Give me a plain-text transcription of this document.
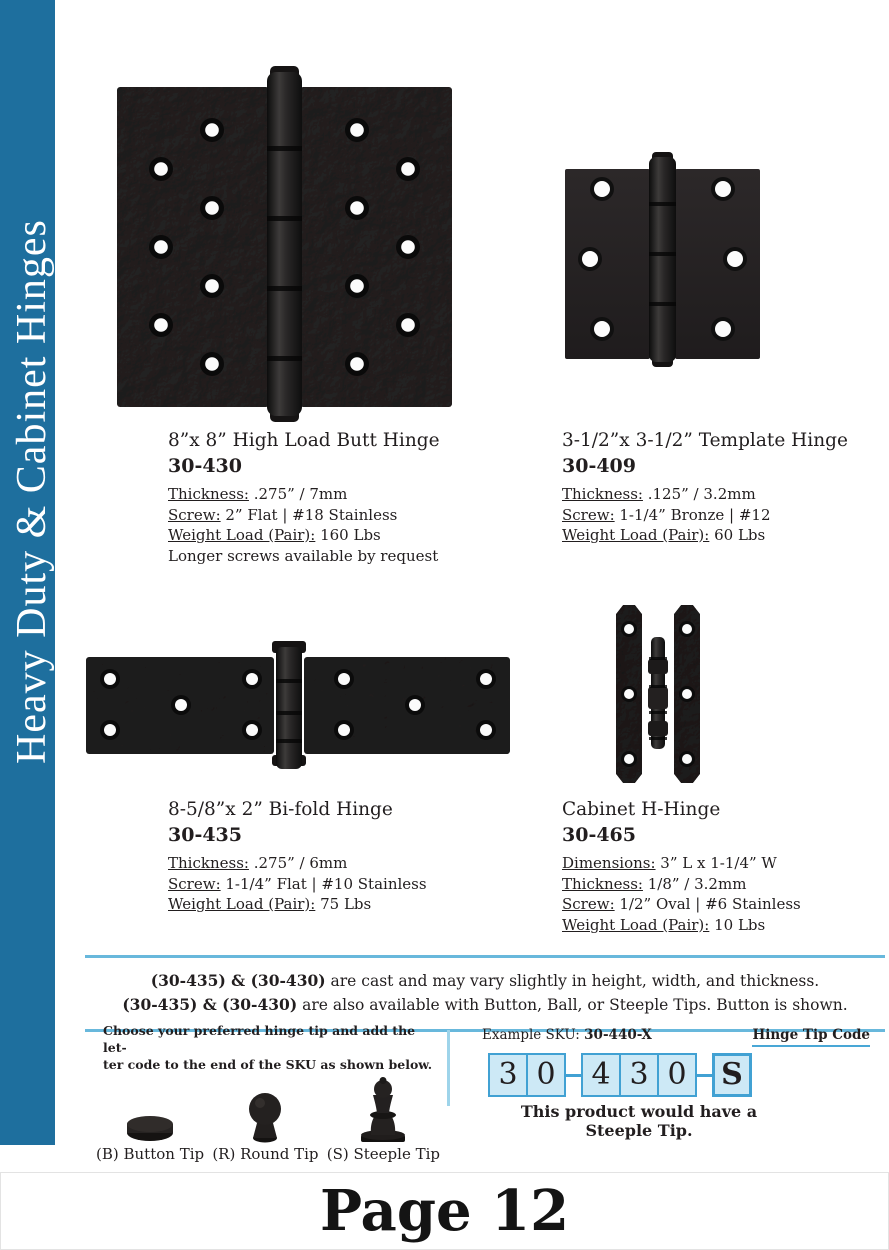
Heavy Duty & Cabinet Hinges	8”x 8” High Load Butt Hinge
30-430
Thickness: .275” / 7mm
Screw: 2” Flat | #18 Stainless
Weight Load (Pair): 160 Lbs
Longer screws available by request
3-1/2”x 3-1/2” Template Hinge
30-409
Thickness: .125” / 3.2mm
Screw: 1-1/4” Bronze | #12
Weight Load (Pair): 60 Lbs
8-5/8”x 2” Bi-fold Hinge
30-435
Thickness: .275” / 6mm
Screw: 1-1/4” Flat | #10 Stainless
Weight Load (Pair): 75 Lbs
Cabinet H-Hinge
30-465
Dimensions: 3” L x 1-1/4” W
Thickness: 1/8” / 3.2mm
Screw: 1/2” Oval | #6 Stainless
Weight Load (Pair): 10 Lbs
(30-435) & (30-430) are cast and may vary slightly in height, width, and thickness.
(30-435) & (30-430) are also available with Button, Ball, or Steeple Tips. Button is shown.
Choose your preferred hinge tip and add the let-
ter code to the end of the SKU as shown below.
(B) Button Tip (R) Round Tip (S) Steeple Tip
Example SKU: 30-440-X	Hinge Tip Code
3 0	4 3 0	S
This product would have a Steeple Tip.
Page 12
